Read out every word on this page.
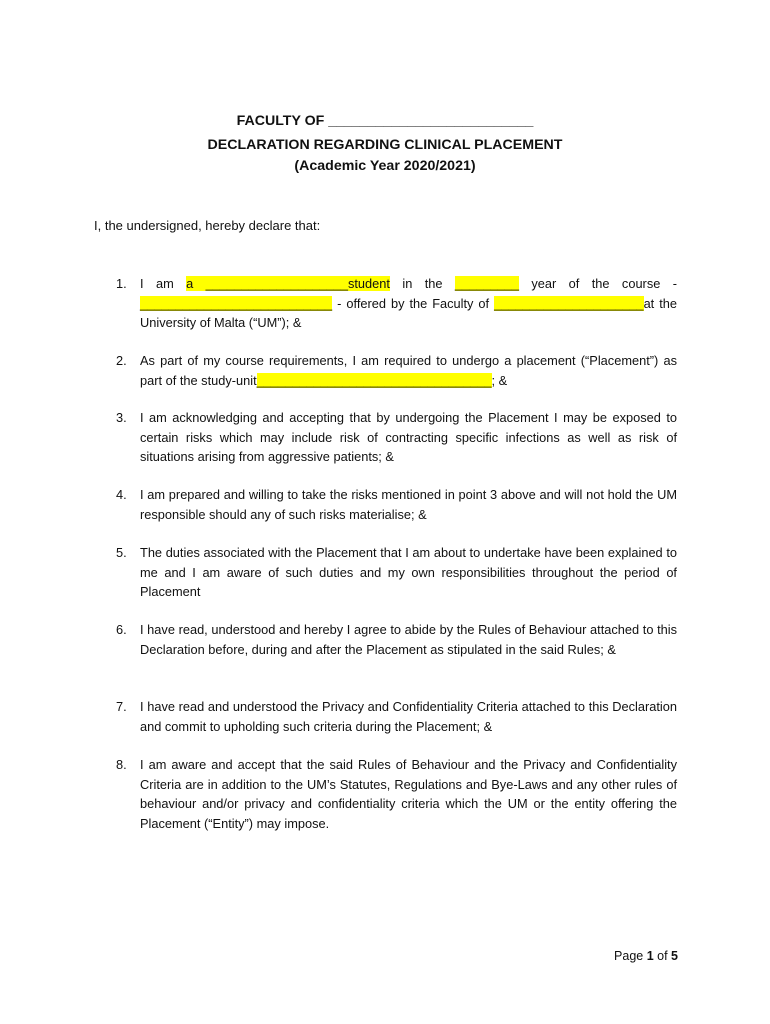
FACULTY OF __________________________
DECLARATION REGARDING CLINICAL PLACEMENT
(Academic Year 2020/2021)
I, the undersigned, hereby declare that:
1. I am a ____________________student in the _________ year of the course - ___________________________ - offered by the Faculty of _____________________at the University of Malta (“UM”); &
2. As part of my course requirements, I am required to undergo a placement (“Placement”) as part of the study-unit_________________________________; &
3. I am acknowledging and accepting that by undergoing the Placement I may be exposed to certain risks which may include risk of contracting specific infections as well as risk of situations arising from aggressive patients; &
4. I am prepared and willing to take the risks mentioned in point 3 above and will not hold the UM responsible should any of such risks materialise; &
5. The duties associated with the Placement that I am about to undertake have been explained to me and I am aware of such duties and my own responsibilities throughout the period of Placement
6. I have read, understood and hereby I agree to abide by the Rules of Behaviour attached to this Declaration before, during and after the Placement as stipulated in the said Rules; &
7. I have read and understood the Privacy and Confidentiality Criteria attached to this Declaration and commit to upholding such criteria during the Placement; &
8. I am aware and accept that the said Rules of Behaviour and the Privacy and Confidentiality Criteria are in addition to the UM’s Statutes, Regulations and Bye-Laws and any other rules of behaviour and/or privacy and confidentiality criteria which the UM or the entity offering the Placement (“Entity”) may impose.
Page 1 of 5
